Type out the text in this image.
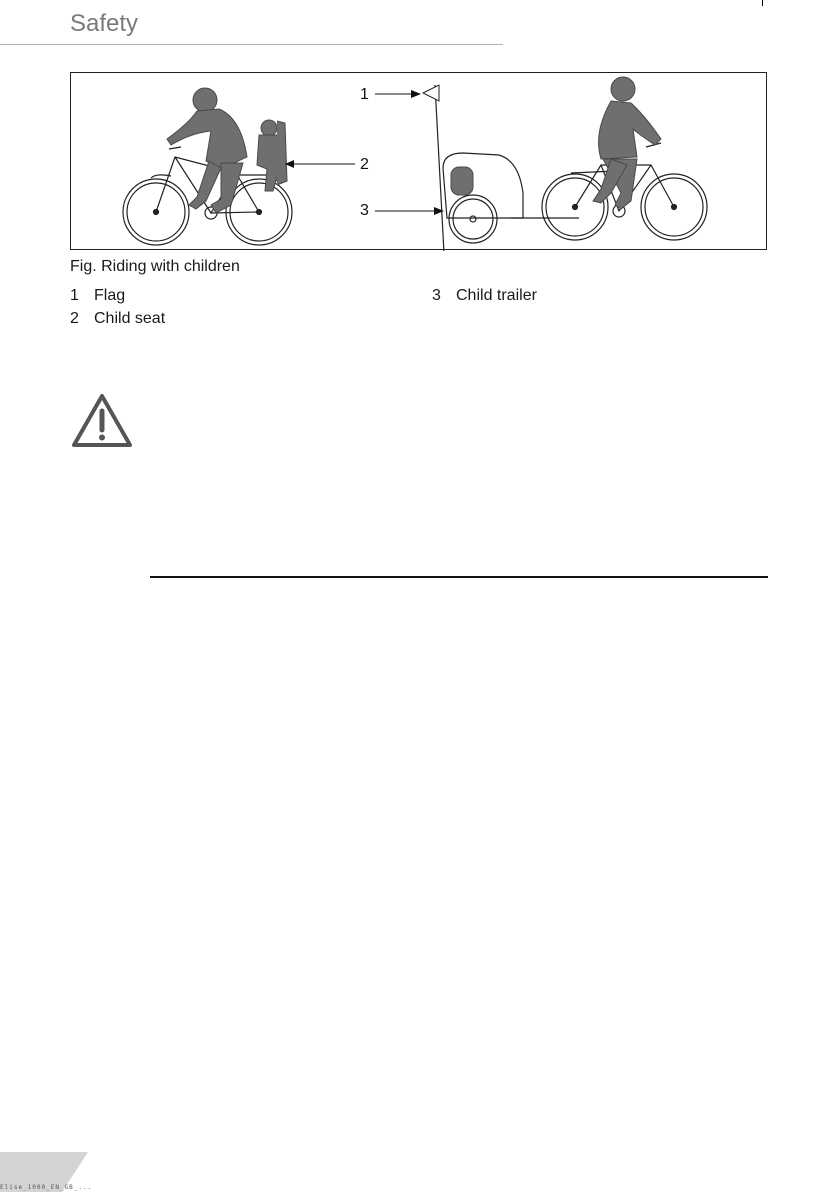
Safety
1
2
3

Fig. Riding with children

1 Flag
2 Child seat
3 Child trailer
Elise_1000_EN_GB_...
